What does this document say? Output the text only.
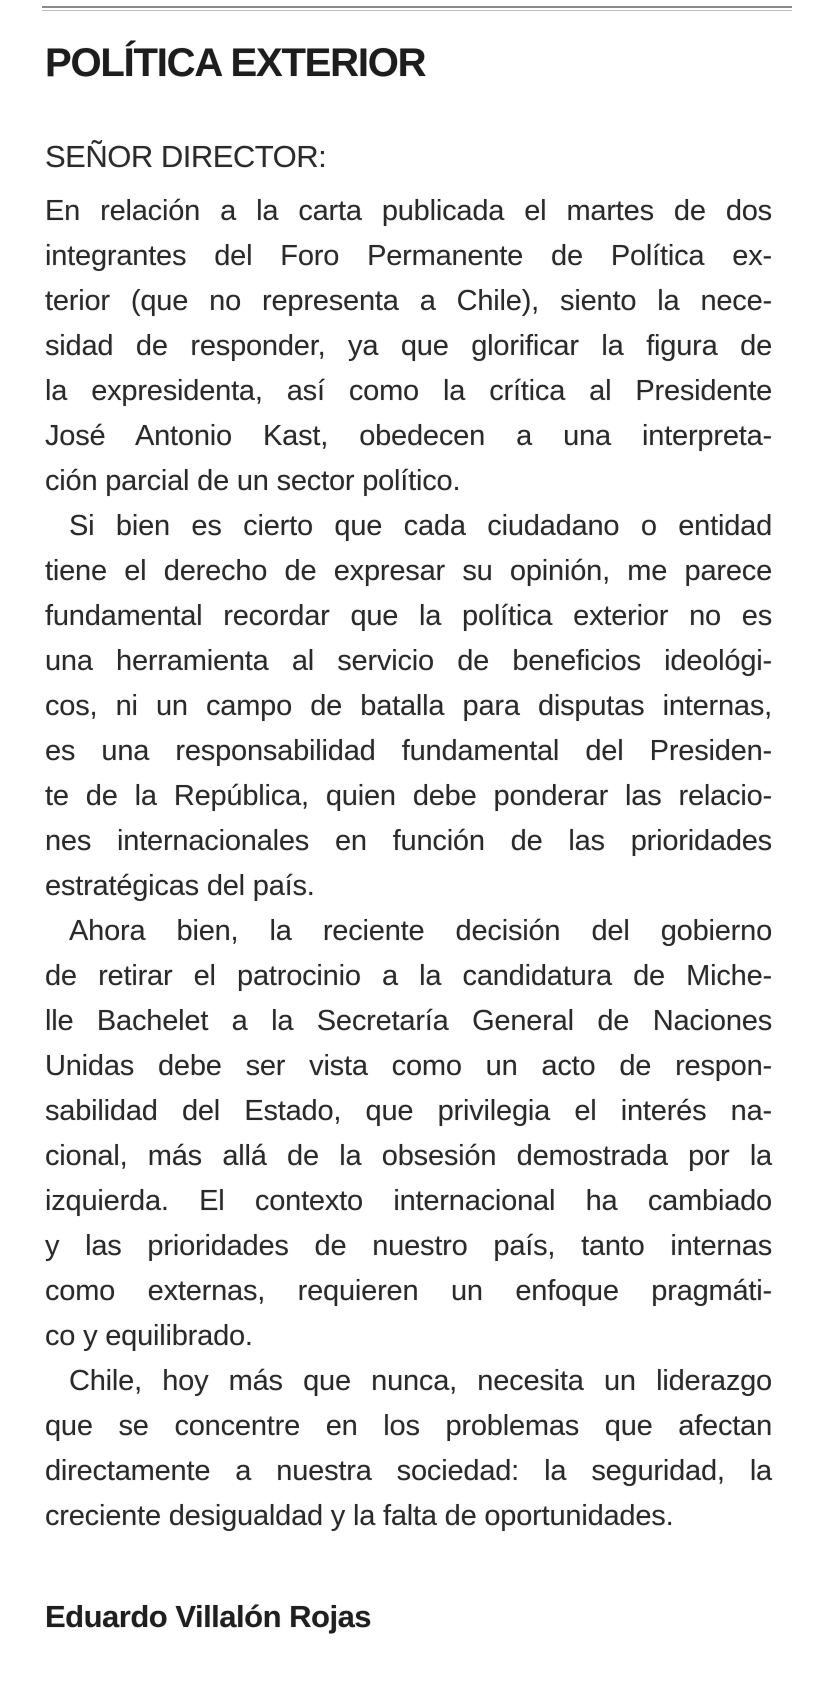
POLÍTICA EXTERIOR
SEÑOR DIRECTOR:
En relación a la carta publicada el martes de dos
integrantes del Foro Permanente de Política ex-
terior (que no representa a Chile), siento la nece-
sidad de responder, ya que glorificar la figura de
la expresidenta, así como la crítica al Presidente
José Antonio Kast, obedecen a una interpreta-
ción parcial de un sector político.
Si bien es cierto que cada ciudadano o entidad
tiene el derecho de expresar su opinión, me parece
fundamental recordar que la política exterior no es
una herramienta al servicio de beneficios ideológi-
cos, ni un campo de batalla para disputas internas,
es una responsabilidad fundamental del Presiden-
te de la República, quien debe ponderar las relacio-
nes internacionales en función de las prioridades
estratégicas del país.
Ahora bien, la reciente decisión del gobierno
de retirar el patrocinio a la candidatura de Miche-
lle Bachelet a la Secretaría General de Naciones
Unidas debe ser vista como un acto de respon-
sabilidad del Estado, que privilegia el interés na-
cional, más allá de la obsesión demostrada por la
izquierda. El contexto internacional ha cambiado
y las prioridades de nuestro país, tanto internas
como externas, requieren un enfoque pragmáti-
co y equilibrado.
Chile, hoy más que nunca, necesita un liderazgo
que se concentre en los problemas que afectan
directamente a nuestra sociedad: la seguridad, la
creciente desigualdad y la falta de oportunidades.
Eduardo Villalón Rojas
